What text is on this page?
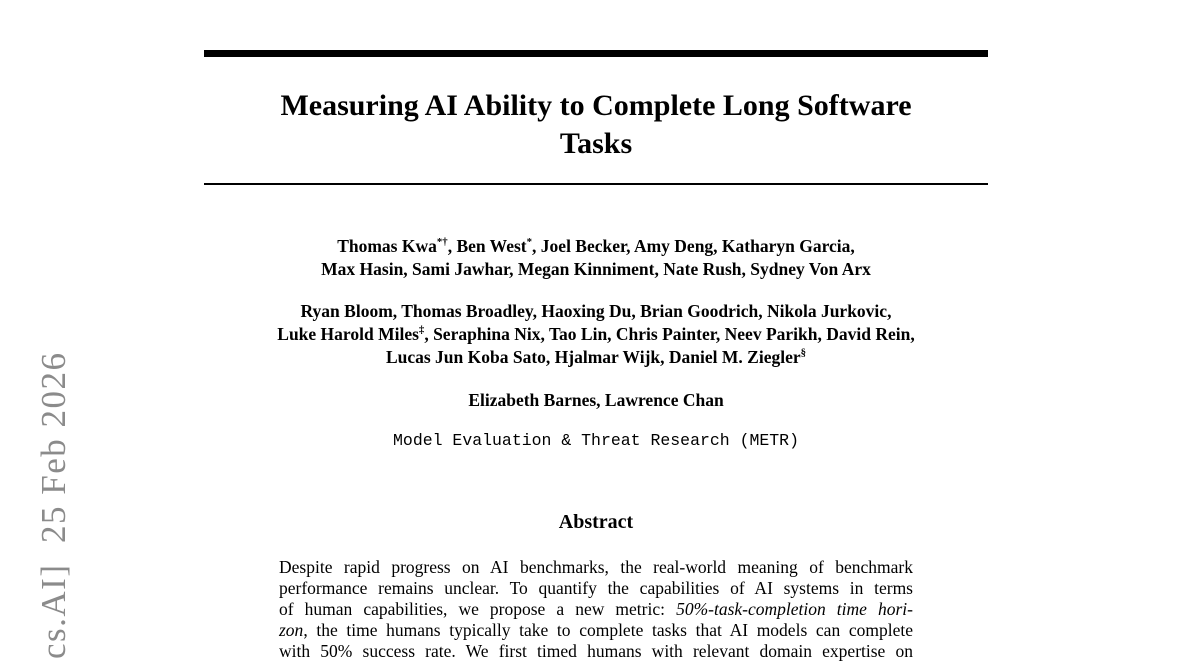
cs.AI]  25 Feb 2026
Measuring AI Ability to Complete Long Software
Tasks
Thomas Kwa*†, Ben West*, Joel Becker, Amy Deng, Katharyn Garcia,
Max Hasin, Sami Jawhar, Megan Kinniment, Nate Rush, Sydney Von Arx
Ryan Bloom, Thomas Broadley, Haoxing Du, Brian Goodrich, Nikola Jurkovic,
Luke Harold Miles‡, Seraphina Nix, Tao Lin, Chris Painter, Neev Parikh, David Rein,
Lucas Jun Koba Sato, Hjalmar Wijk, Daniel M. Ziegler§
Elizabeth Barnes, Lawrence Chan
Model Evaluation & Threat Research (METR)
Abstract
Despite rapid progress on AI benchmarks, the real-world meaning of benchmark
performance remains unclear. To quantify the capabilities of AI systems in terms
of human capabilities, we propose a new metric: 50%-task-completion time hori-
zon, the time humans typically take to complete tasks that AI models can complete
with 50% success rate. We first timed humans with relevant domain expertise on
